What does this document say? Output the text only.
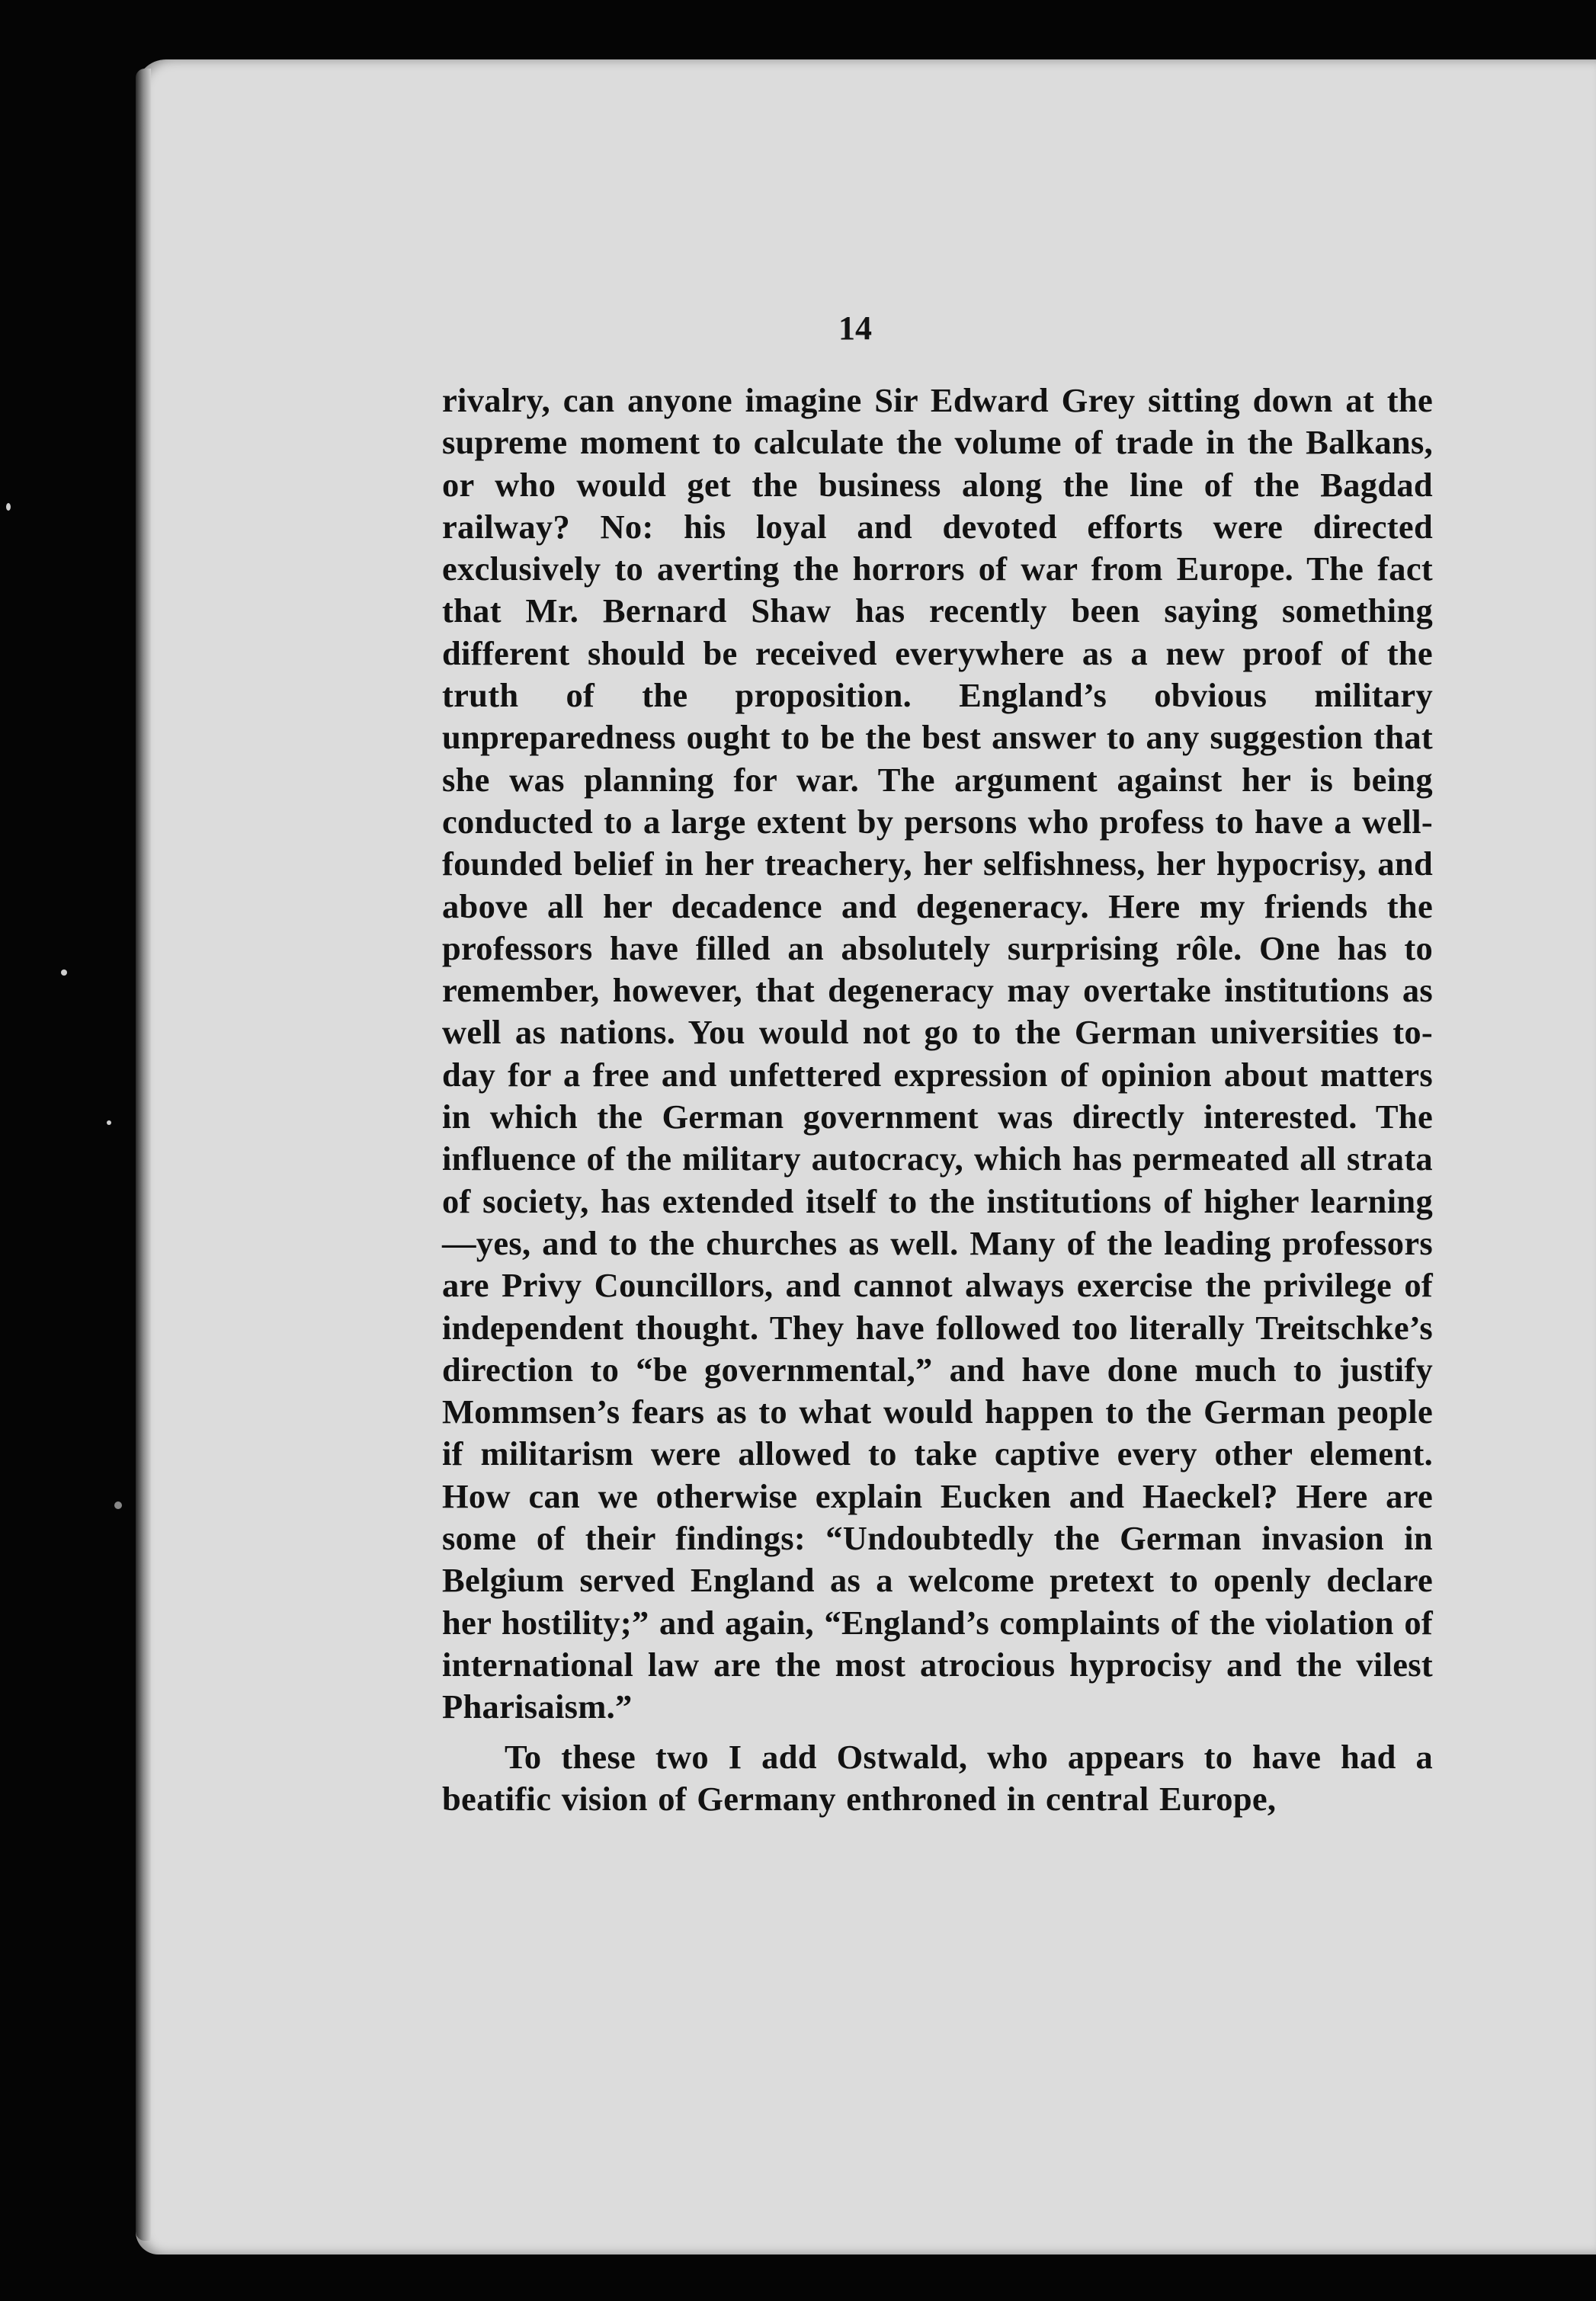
14

rivalry, can anyone imagine Sir Edward Grey sitting down at the supreme moment to calculate the volume of trade in the Balkans, or who would get the business along the line of the Bagdad railway? No: his loyal and devoted efforts were directed exclusively to averting the horrors of war from Europe. The fact that Mr. Bernard Shaw has recently been saying something different should be received everywhere as a new proof of the truth of the proposition. England’s obvious military unpreparedness ought to be the best answer to any suggestion that she was planning for war. The argument against her is being conducted to a large extent by persons who profess to have a well-founded belief in her treachery, her selfishness, her hypocrisy, and above all her decadence and degeneracy. Here my friends the professors have filled an absolutely surprising rôle. One has to remember, however, that degeneracy may overtake institutions as well as nations. You would not go to the German universities to-day for a free and unfettered expression of opinion about matters in which the German government was directly interested. The influence of the military autocracy, which has permeated all strata of society, has extended itself to the institutions of higher learning—yes, and to the churches as well. Many of the leading professors are Privy Councillors, and cannot always exercise the privilege of independent thought. They have followed too literally Treitschke’s direction to “be governmental,” and have done much to justify Mommsen’s fears as to what would happen to the German people if militarism were allowed to take captive every other element. How can we otherwise explain Eucken and Haeckel? Here are some of their findings: “Undoubtedly the German invasion in Belgium served England as a welcome pretext to openly declare her hostility;” and again, “England’s complaints of the violation of international law are the most atrocious hyprocisy and the vilest Pharisaism.”

To these two I add Ostwald, who appears to have had a beatific vision of Germany enthroned in central Europe,
